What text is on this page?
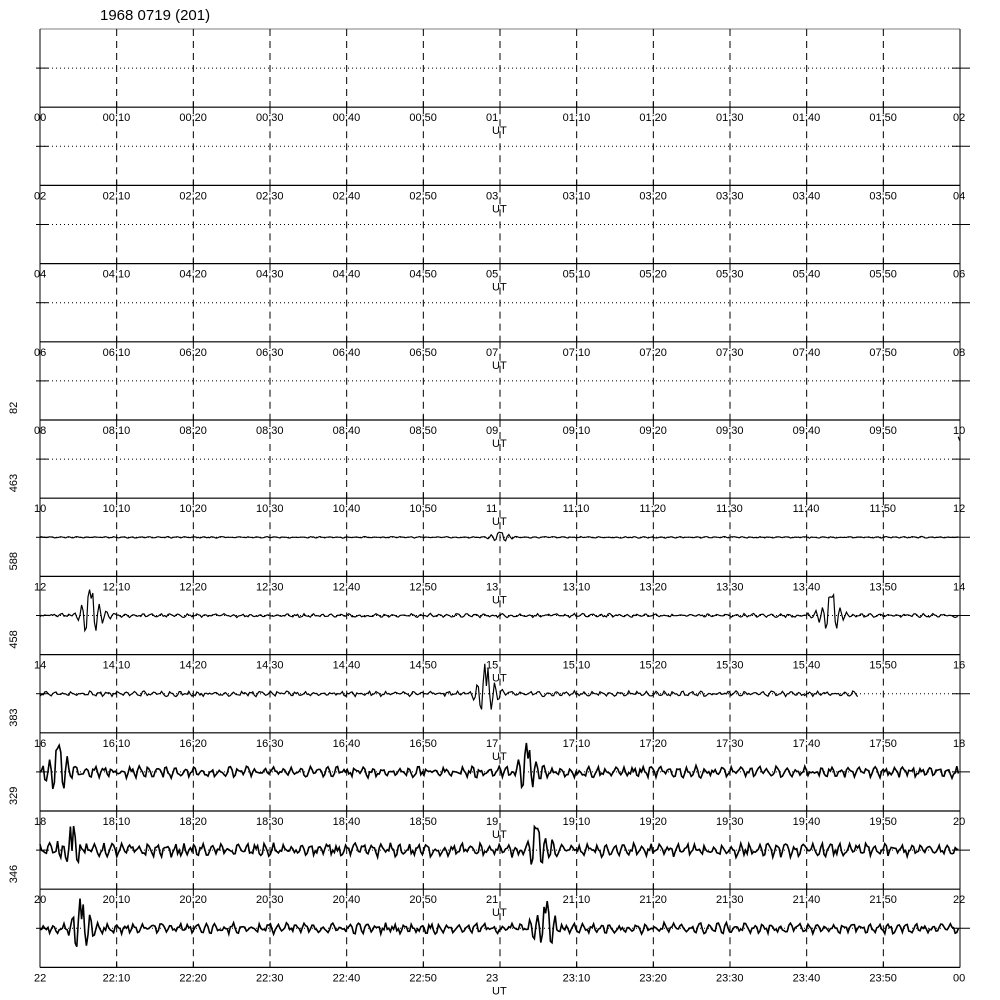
1968 0719 (201)
00	00:10	00:20	00:30	00:40	00:50	01	01:10	01:20	01:30	01:40	01:50	02
UT
02	02:10	02:20	02:30	02:40	02:50	03	03:10	03:20	03:30	03:40	03:50	04
UT
04	04:10	04:20	04:30	04:40	04:50	05	05:10	05:20	05:30	05:40	05:50	06
UT
06	06:10	06:20	06:30	06:40	06:50	07	07:10	07:20	07:30	07:40	07:50	08
UT
08	08:10	08:20	08:30	08:40	08:50	09	09:10	09:20	09:30	09:40	09:50	10
UT
82
10	10:10	10:20	10:30	10:40	10:50	11	11:10	11:20	11:30	11:40	11:50	12
UT
463
12	12:10	12:20	12:30	12:40	12:50	13	13:10	13:20	13:30	13:40	13:50	14
UT
588
14	14:10	14:20	14:30	14:40	14:50	15	15:10	15:20	15:30	15:40	15:50	16
UT
458
16	16:10	16:20	16:30	16:40	16:50	17	17:10	17:20	17:30	17:40	17:50	18
UT
383
18	18:10	18:20	18:30	18:40	18:50	19	19:10	19:20	19:30	19:40	19:50	20
UT
329
20	20:10	20:20	20:30	20:40	20:50	21	21:10	21:20	21:30	21:40	21:50	22
UT
346
22	22:10	22:20	22:30	22:40	22:50	23	23:10	23:20	23:30	23:40	23:50	00
UT
